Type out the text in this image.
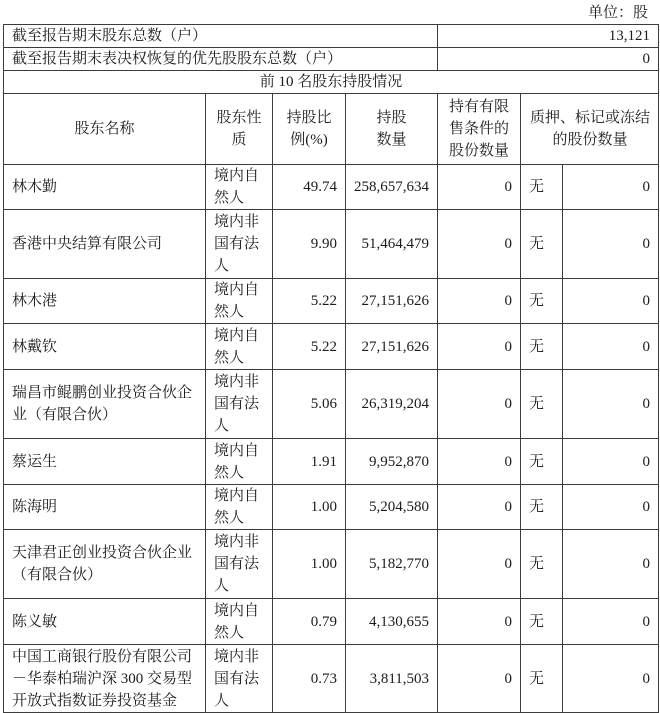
单位：股
截至报告期末股东总数（户）				13,121		
截至报告期末表决权恢复的优先股股东总数（户）				0		
前 10 名股东持股情况						
股东名称	股东性质	持股比例(%)	持股数量	持有有限售条件的股份数量	质押、标记或冻结的股份数量	

林木勤	境内自然人	49.74	258,657,634	0	无	0

香港中央结算有限公司	境内非国有法人	9.90	51,464,479	0	无	0

林木港	境内自然人	5.22	27,151,626	0	无	0

林戴钦	境内自然人	5.22	27,151,626	0	无	0

瑞昌市鲲鹏创业投资合伙企业（有限合伙）	境内非国有法人	5.06	26,319,204	0	无	0

蔡运生	境内自然人	1.91	9,952,870	0	无	0

陈海明	境内自然人	1.00	5,204,580	0	无	0

天津君正创业投资合伙企业（有限合伙）	境内非国有法人	1.00	5,182,770	0	无	0

陈义敏	境内自然人	0.79	4,130,655	0	无	0

中国工商银行股份有限公司－华泰柏瑞沪深 300 交易型开放式指数证券投资基金	境内非国有法人	0.73	3,811,503	0	无	0
